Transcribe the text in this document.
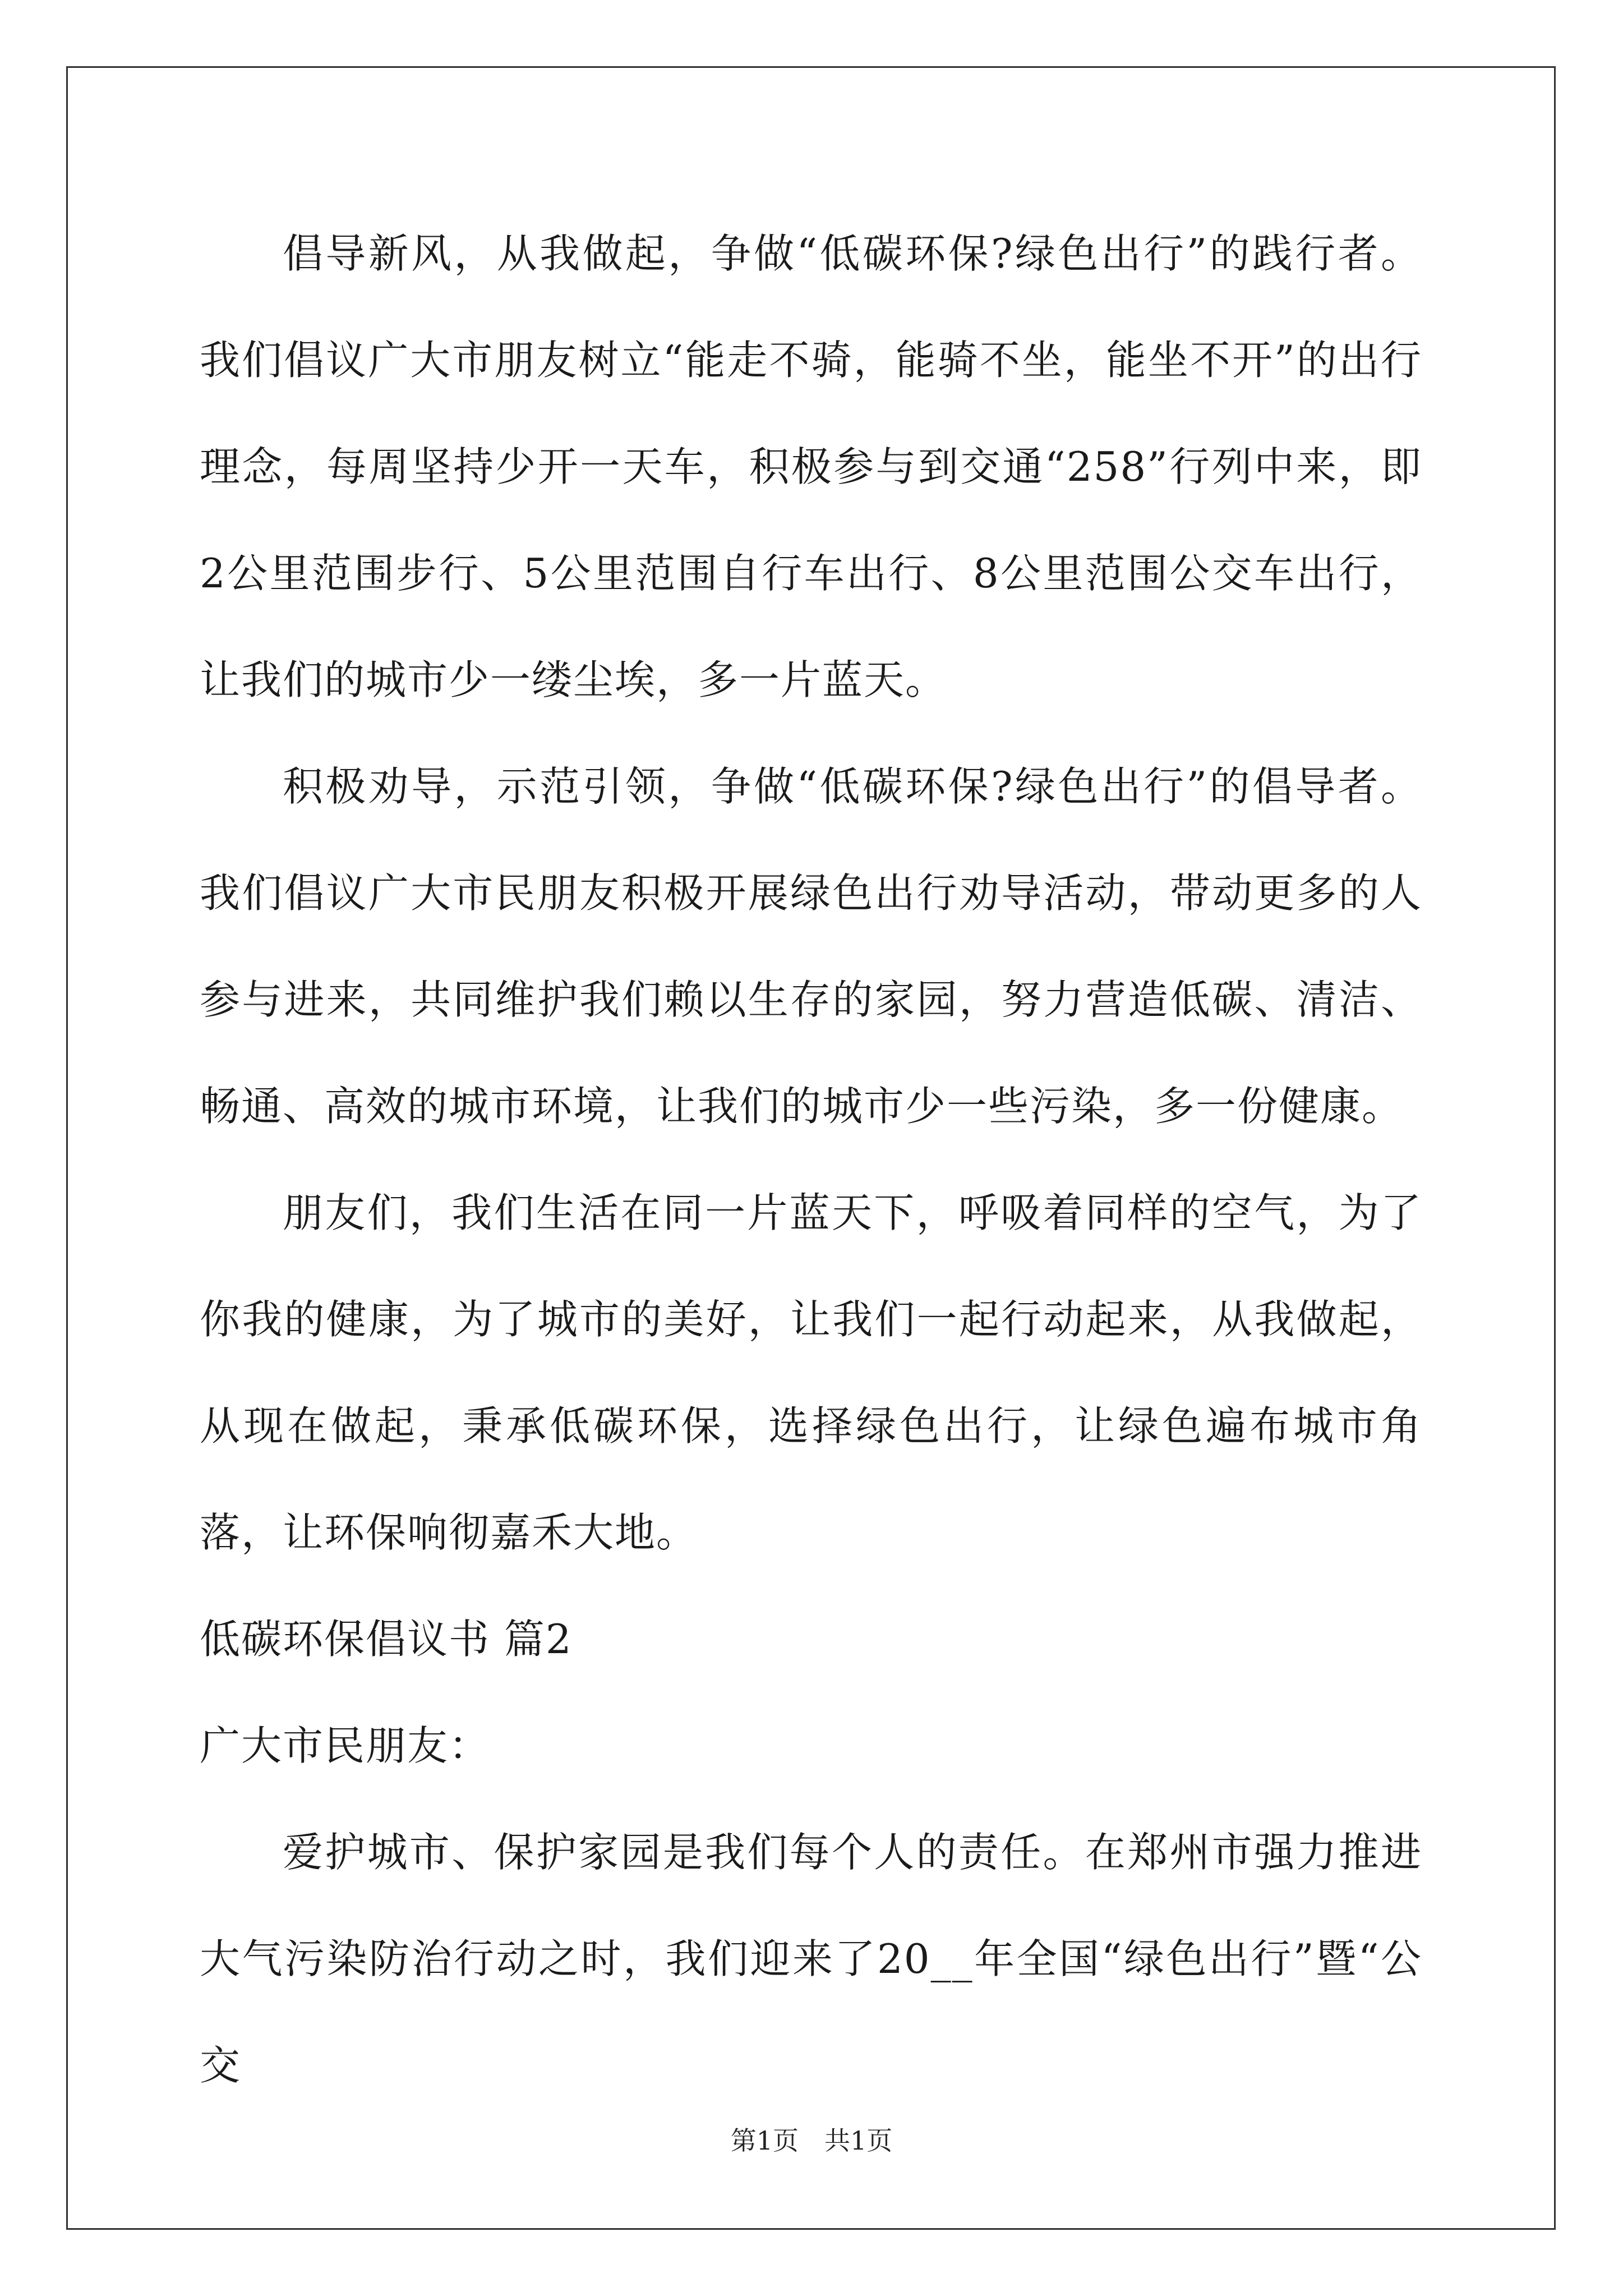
倡导新风，从我做起，争做“低碳环保?绿色出行”的践行者。我们倡议广大市朋友树立“能走不骑，能骑不坐，能坐不开”的出行理念，每周坚持少开一天车，积极参与到交通“258”行列中来，即2公里范围步行、5公里范围自行车出行、8公里范围公交车出行，让我们的城市少一缕尘埃，多一片蓝天。

积极劝导，示范引领，争做“低碳环保?绿色出行”的倡导者。我们倡议广大市民朋友积极开展绿色出行劝导活动，带动更多的人参与进来，共同维护我们赖以生存的家园，努力营造低碳、清洁、畅通、高效的城市环境，让我们的城市少一些污染，多一份健康。

朋友们，我们生活在同一片蓝天下，呼吸着同样的空气，为了你我的健康，为了城市的美好，让我们一起行动起来，从我做起，从现在做起，秉承低碳环保，选择绿色出行，让绿色遍布城市角落，让环保响彻嘉禾大地。

低碳环保倡议书 篇2

广大市民朋友：

爱护城市、保护家园是我们每个人的责任。在郑州市强力推进大气污染防治行动之时，我们迎来了20__年全国“绿色出行”暨“公交

第1页　共1页
